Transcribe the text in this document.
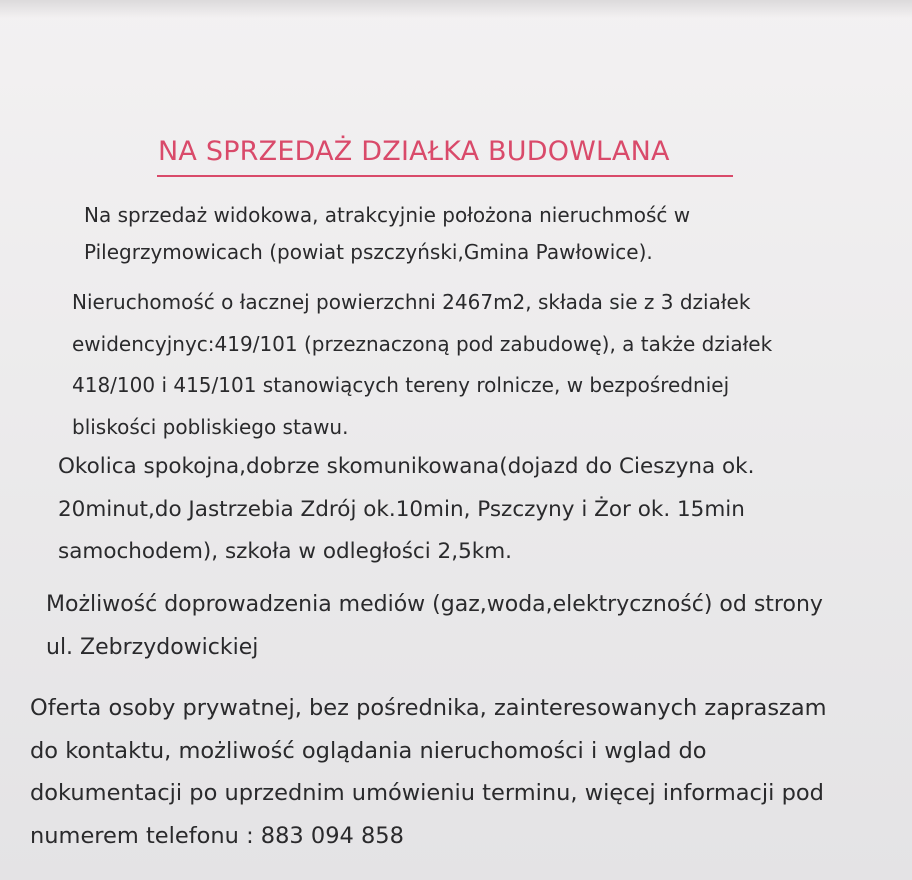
NA SPRZEDAŻ DZIAŁKA BUDOWLANA
Na sprzedaż widokowa, atrakcyjnie położona nieruchmość w
Pilegrzymowicach (powiat pszczyński,Gmina Pawłowice).
Nieruchomość o łacznej powierzchni 2467m2, składa sie z 3 działek
ewidencyjnyc:419/101 (przeznaczoną pod zabudowę), a także działek
418/100 i 415/101 stanowiących tereny rolnicze, w bezpośredniej
bliskości pobliskiego stawu.
Okolica spokojna,dobrze skomunikowana(dojazd do Cieszyna ok.
20minut,do Jastrzebia Zdrój ok.10min, Pszczyny i Żor ok. 15min
samochodem), szkoła w odległości 2,5km.
Możliwość doprowadzenia mediów (gaz,woda,elektryczność) od strony
ul. Zebrzydowickiej
Oferta osoby prywatnej, bez pośrednika, zainteresowanych zapraszam
do kontaktu, możliwość oglądania nieruchomości i wglad do
dokumentacji po uprzednim umówieniu terminu, więcej informacji pod
numerem telefonu : 883 094 858
